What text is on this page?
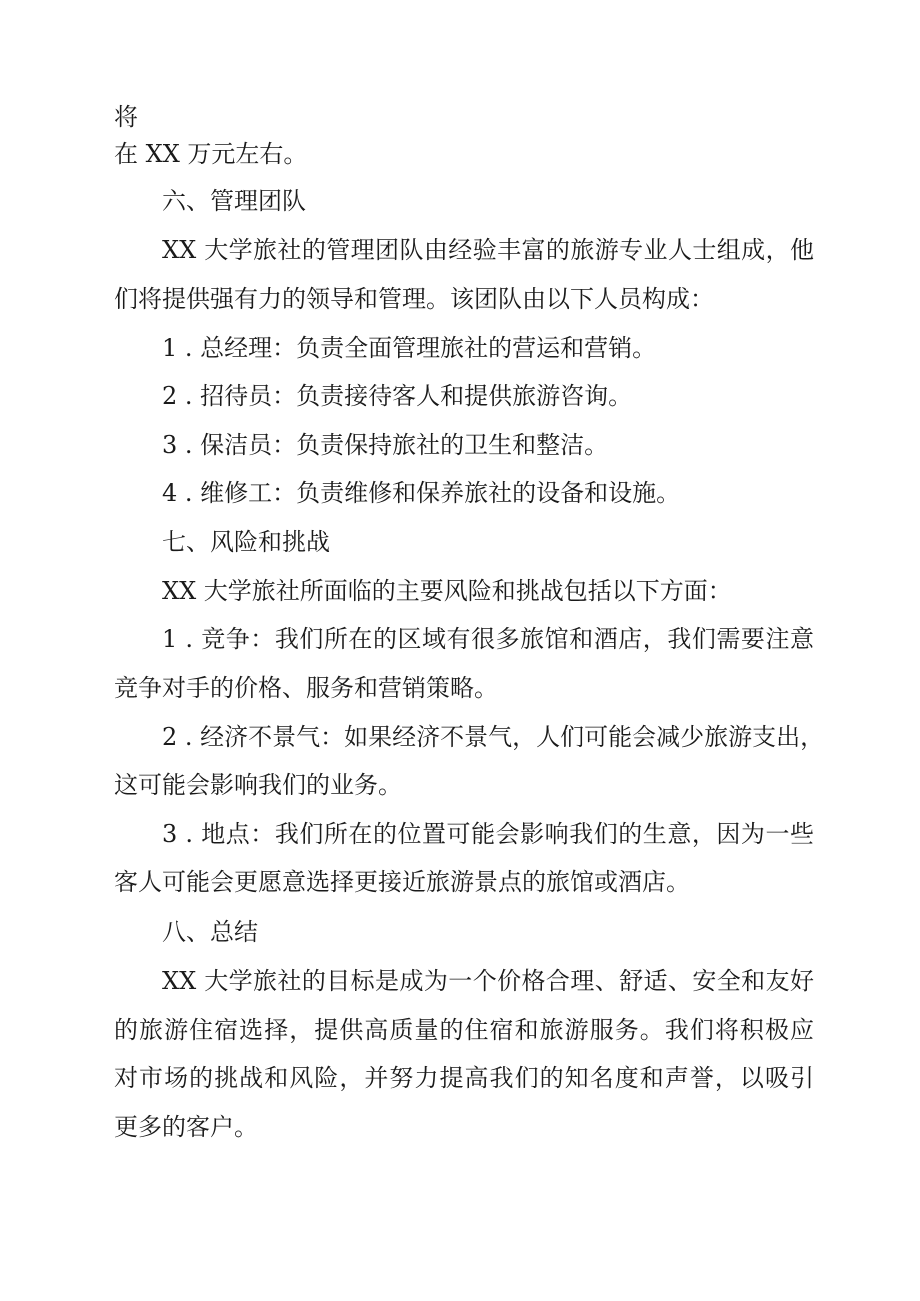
将
在 XX 万元左右。
六、管理团队
XX 大学旅社的管理团队由经验丰富的旅游专业人士组成，他
们将提供强有力的领导和管理。该团队由以下人员构成：
1 . 总经理：负责全面管理旅社的营运和营销。
2 . 招待员：负责接待客人和提供旅游咨询。
3 . 保洁员：负责保持旅社的卫生和整洁。
4 . 维修工：负责维修和保养旅社的设备和设施。
七、风险和挑战
XX 大学旅社所面临的主要风险和挑战包括以下方面：
1 . 竞争：我们所在的区域有很多旅馆和酒店，我们需要注意
竞争对手的价格、服务和营销策略。
2 . 经济不景气：如果经济不景气，人们可能会减少旅游支出，
这可能会影响我们的业务。
3 . 地点：我们所在的位置可能会影响我们的生意，因为一些
客人可能会更愿意选择更接近旅游景点的旅馆或酒店。
八、总结
XX 大学旅社的目标是成为一个价格合理、舒适、安全和友好
的旅游住宿选择，提供高质量的住宿和旅游服务。我们将积极应
对市场的挑战和风险，并努力提高我们的知名度和声誉，以吸引
更多的客户。
